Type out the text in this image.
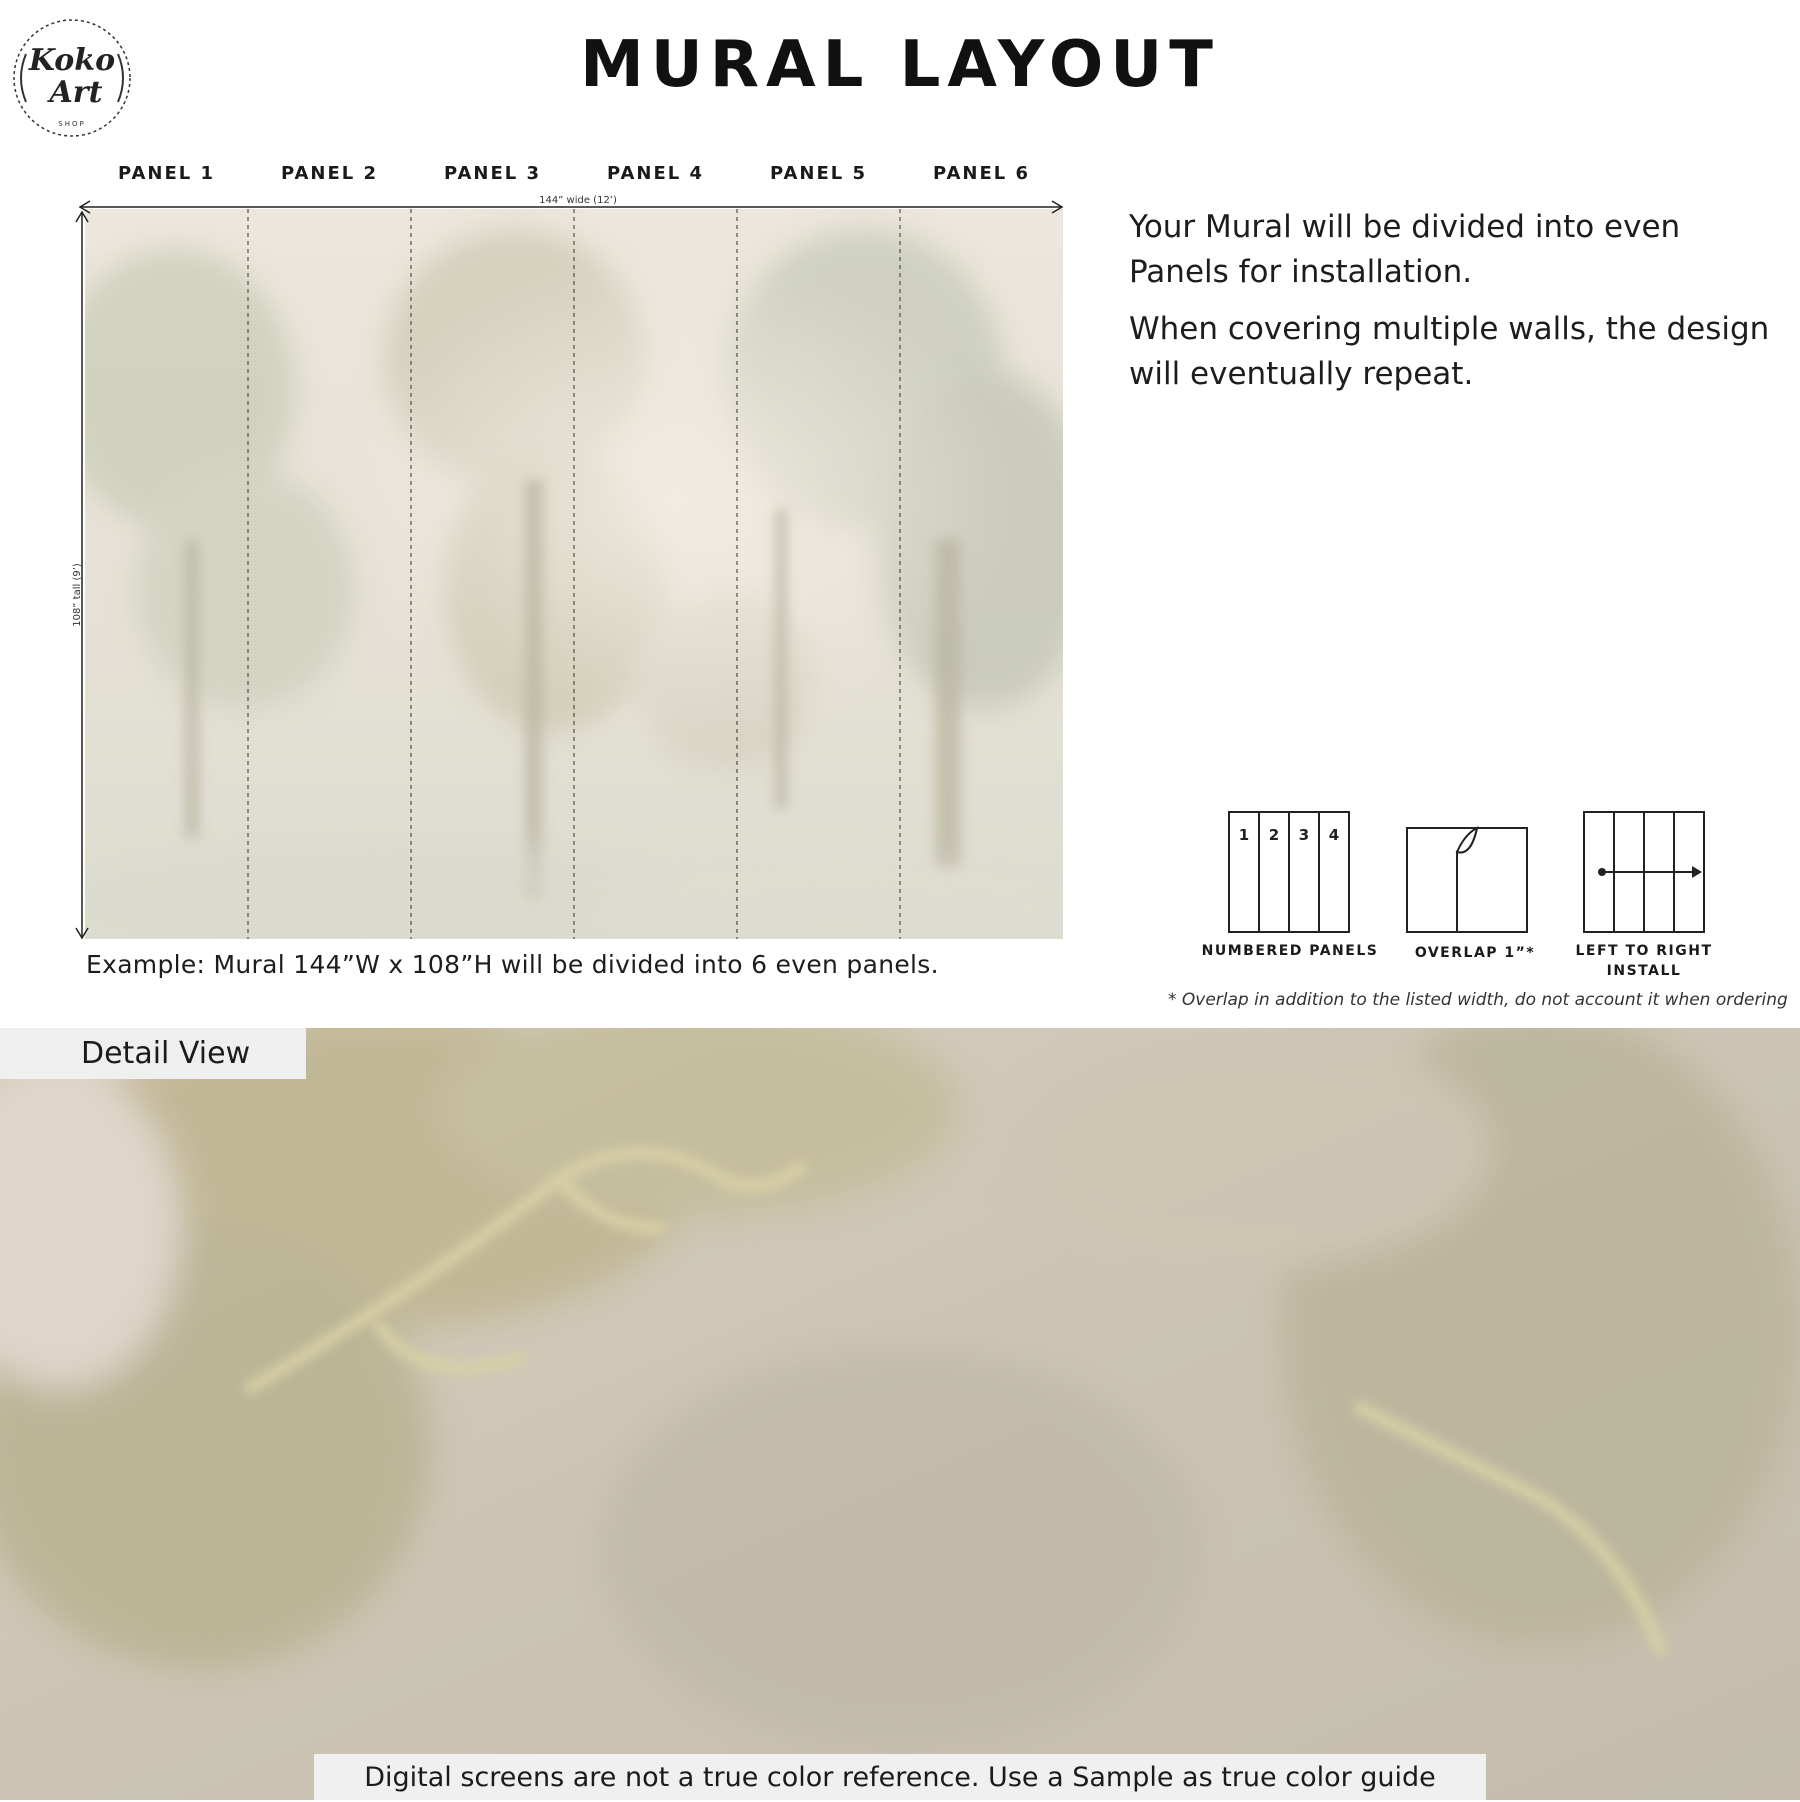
Koko
Art
SHOP
MURAL LAYOUT
PANEL 1	PANEL 2	PANEL 3	PANEL 4	PANEL 5	PANEL 6
144” wide (12’)
108” tall (9’)
Example: Mural 144”W x 108”H will be divided into 6 even panels.

Your Mural will be divided into even Panels for installation.

When covering multiple walls, the design will eventually repeat.

1 2 3 4
NUMBERED PANELS	OVERLAP 1”*	LEFT TO RIGHT
INSTALL
* Overlap in addition to the listed width, do not account it when ordering
Detail View
Digital screens are not a true color reference. Use a Sample as true color guide
